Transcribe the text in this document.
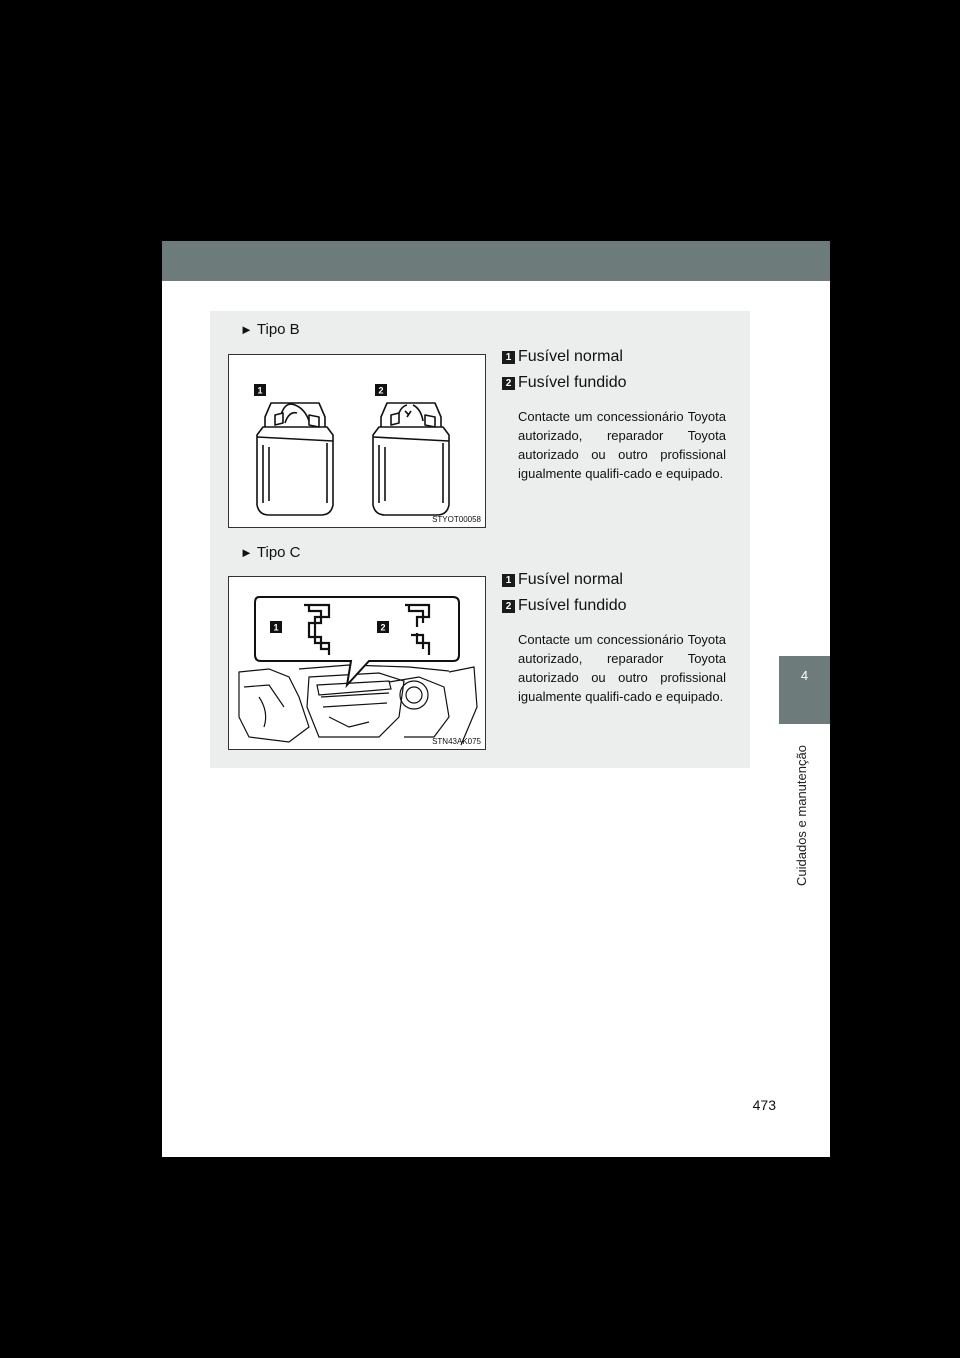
► Tipo B
1	2
STYOT00058
1 Fusível normal
2 Fusível fundido
Contacte um concessionário Toyota autorizado, reparador Toyota autorizado ou outro profissional igualmente qualifi-cado e equipado.
► Tipo C
1	2
STN43AK075
1 Fusível normal
2 Fusível fundido
Contacte um concessionário Toyota autorizado, reparador Toyota autorizado ou outro profissional igualmente qualifi-cado e equipado.
4
Cuidados e manutenção
473
